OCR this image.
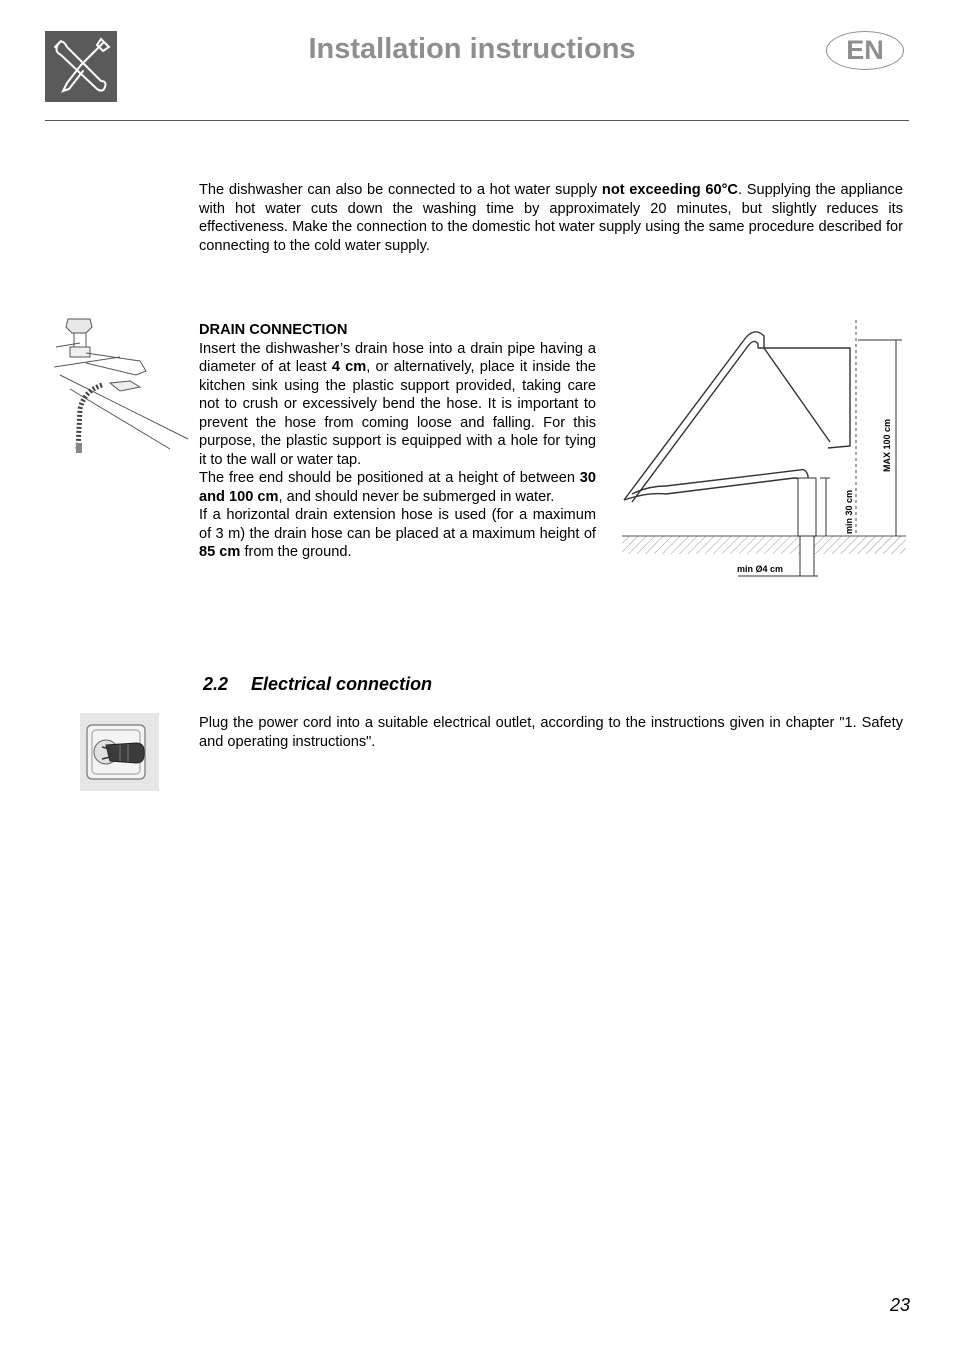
Installation instructions	EN
The dishwasher can also be connected to a hot water supply not exceeding 60°C. Supplying the appliance with hot water cuts down the washing time by approximately 20 minutes, but slightly reduces its effectiveness. Make the connection to the domestic hot water supply using the same procedure described for connecting to the cold water supply.
DRAIN CONNECTION
Insert the dishwasher’s drain hose into a drain pipe having a diameter of at least 4 cm, or alternatively, place it inside the kitchen sink using the plastic support provided, taking care not to crush or excessively bend the hose. It is important to prevent the hose from coming loose and falling. For this purpose, the plastic support is equipped with a hole for tying it to the wall or water tap.
The free end should be positioned at a height of between 30 and 100 cm, and should never be submerged in water.
If a horizontal drain extension hose is used (for a maximum of 3 m) the drain hose can be placed at a maximum height of 85 cm from the ground.
MAX 100 cm
min 30 cm
min Ø4 cm
2.2 Electrical connection
Plug the power cord into a suitable electrical outlet, according to the instructions given in chapter "1. Safety and operating instructions".
23
